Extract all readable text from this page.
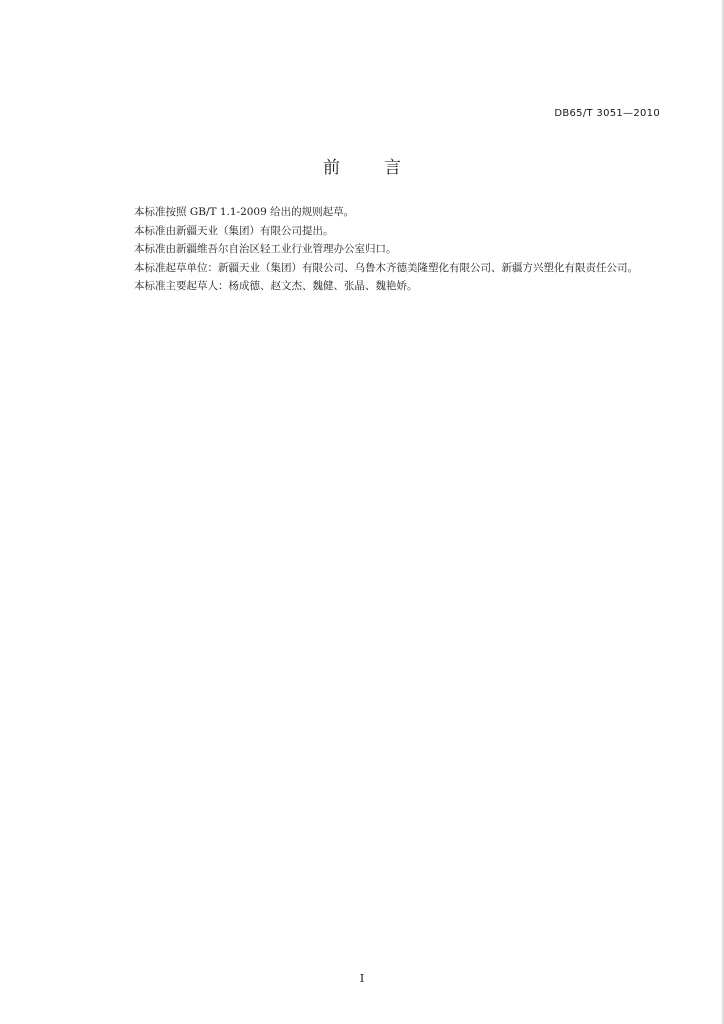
DB65/T 3051—2010
前言

本标准按照 GB/T 1.1-2009 给出的规则起草。

本标准由新疆天业（集团）有限公司提出。

本标准由新疆维吾尔自治区轻工业行业管理办公室归口。

本标准起草单位：新疆天业（集团）有限公司、乌鲁木齐德美隆塑化有限公司、新疆方兴塑化有限责任公司。

本标准主要起草人：杨成德、赵文杰、魏健、张晶、魏艳娇。

I
